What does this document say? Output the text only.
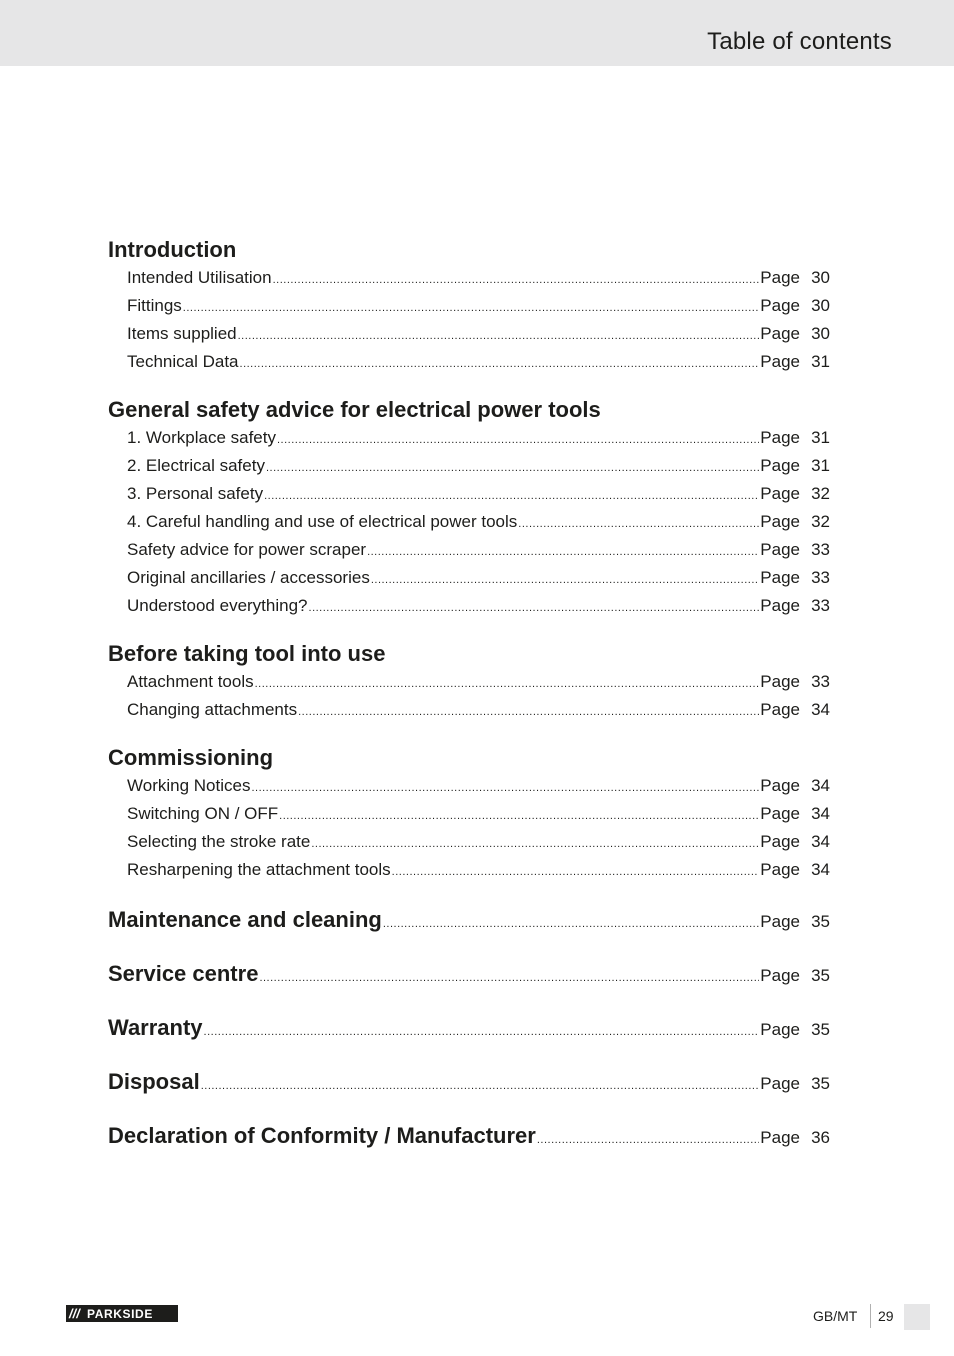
Table of contents
Introduction
Intended Utilisation .....	Page 30
Fittings .....	Page 30
Items supplied .....	Page 30
Technical Data .....	Page 31
General safety advice for electrical power tools
1. Workplace safety .....	Page 31
2. Electrical safety .....	Page 31
3. Personal safety .....	Page 32
4. Careful handling and use of electrical power tools .....	Page 32
Safety advice for power scraper .....	Page 33
Original ancillaries / accessories .....	Page 33
Understood everything? .....	Page 33
Before taking tool into use
Attachment tools .....	Page 33
Changing attachments .....	Page 34
Commissioning
Working Notices .....	Page 34
Switching ON / OFF .....	Page 34
Selecting the stroke rate .....	Page 34
Resharpening the attachment tools .....	Page 34
Maintenance and cleaning .....	Page 35
Service centre .....	Page 35
Warranty .....	Page 35
Disposal .....	Page 35
Declaration of Conformity / Manufacturer .....	Page 36
/// PARKSIDE	GB/MT 29
